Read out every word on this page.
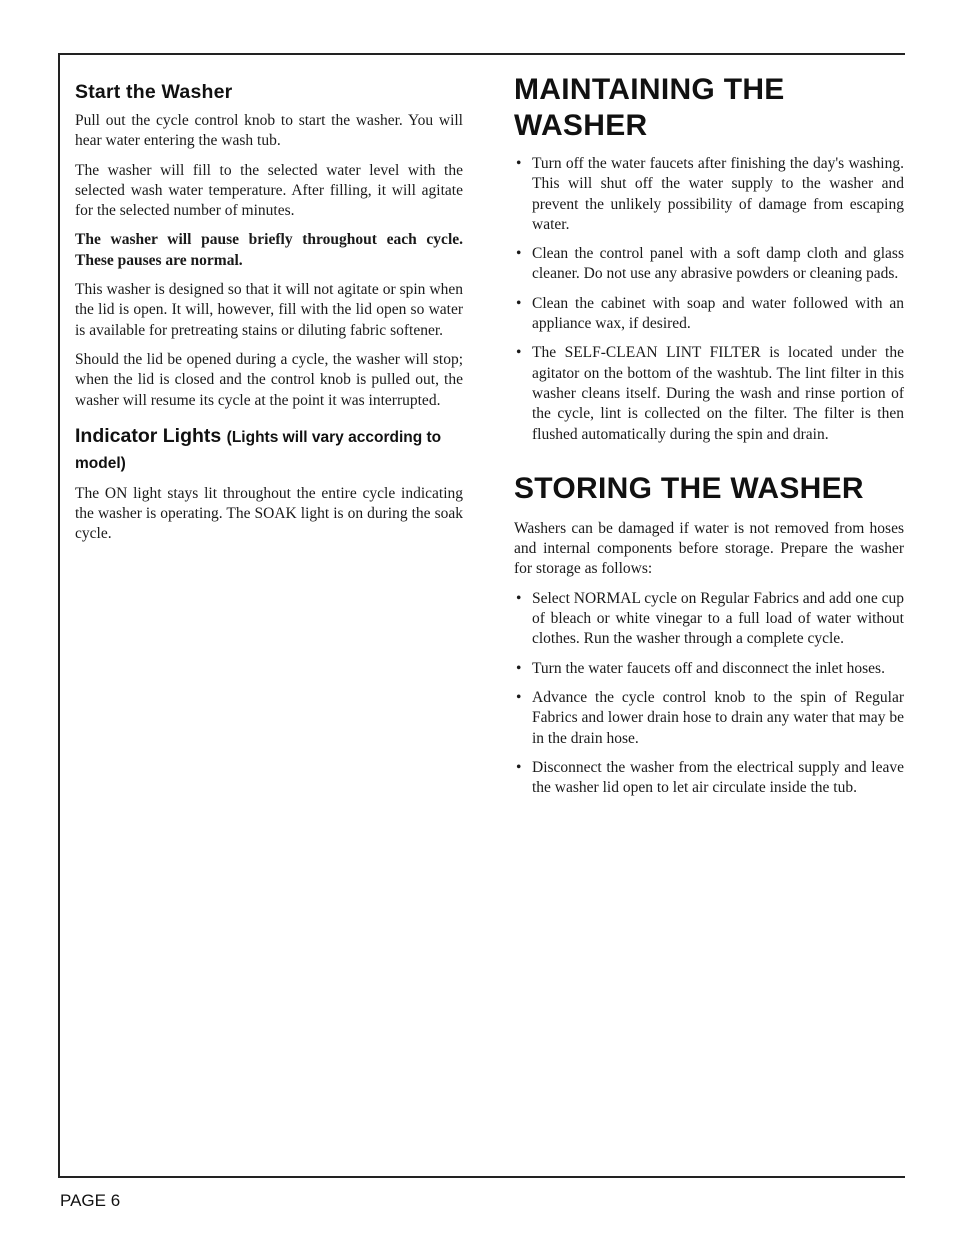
Start the Washer

Pull out the cycle control knob to start the washer. You will hear water entering the wash tub.

The washer will fill to the selected water level with the selected wash water temperature. After filling, it will agitate for the selected number of minutes.

The washer will pause briefly throughout each cycle. These pauses are normal.

This washer is designed so that it will not agitate or spin when the lid is open. It will, however, fill with the lid open so water is available for pretreating stains or diluting fabric softener.

Should the lid be opened during a cycle, the washer will stop; when the lid is closed and the control knob is pulled out, the washer will resume its cycle at the point it was interrupted.

Indicator Lights (Lights will vary according to model)

The ON light stays lit throughout the entire cycle indicating the washer is operating. The SOAK light is on during the soak cycle.

MAINTAINING THE
WASHER
• Turn off the water faucets after finishing the day's washing. This will shut off the water supply to the washer and prevent the unlikely possibility of damage from escaping water.
• Clean the control panel with a soft damp cloth and glass cleaner. Do not use any abrasive powders or cleaning pads.
• Clean the cabinet with soap and water followed with an appliance wax, if desired.
• The SELF-CLEAN LINT FILTER is located under the agitator on the bottom of the washtub. The lint filter in this washer cleans itself. During the wash and rinse portion of the cycle, lint is collected on the filter. The filter is then flushed automatically during the spin and drain.
STORING THE WASHER

Washers can be damaged if water is not removed from hoses and internal components before storage. Prepare the washer for storage as follows:

• Select NORMAL cycle on Regular Fabrics and add one cup of bleach or white vinegar to a full load of water without clothes. Run the washer through a complete cycle.
• Turn the water faucets off and disconnect the inlet hoses.
• Advance the cycle control knob to the spin of Regular Fabrics and lower drain hose to drain any water that may be in the drain hose.
• Disconnect the washer from the electrical supply and leave the washer lid open to let air circulate inside the tub.
PAGE 6
